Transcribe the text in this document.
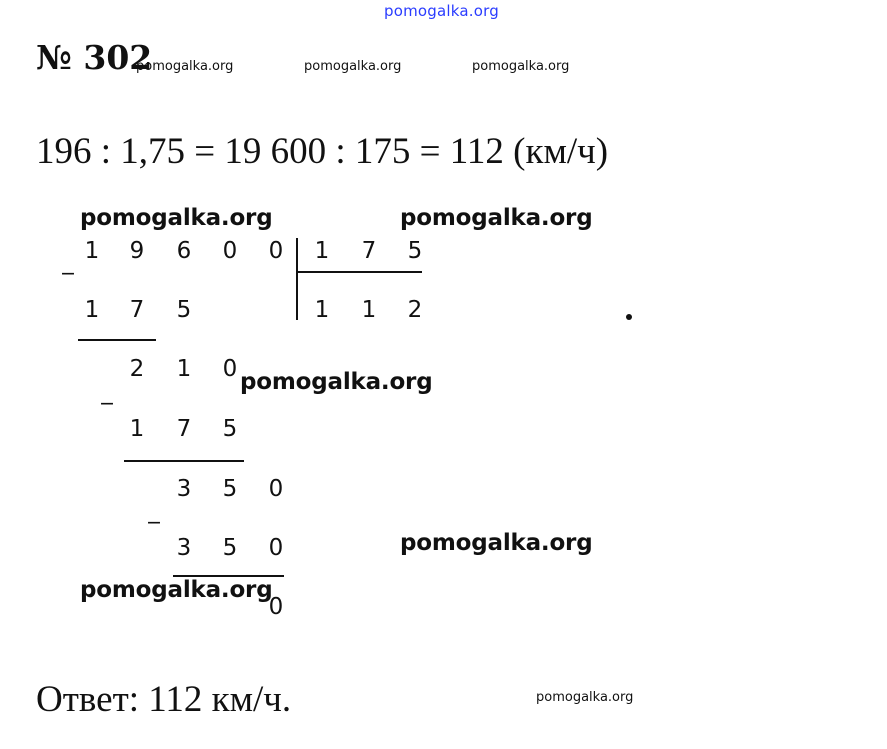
pomogalka.org
№ 302
pomogalka.org	pomogalka.org	pomogalka.org
196 : 1,75 = 19 600 : 175 = 112 (км/ч)
pomogalka.org	pomogalka.org
1 9 6 0 0
_	1 7 5
1 1 2
1 7 5
2 1 0
_
1 7 5
3 5 0
_
3 5 0
0
pomogalka.org
pomogalka.org
pomogalka.org
Ответ: 112 км/ч.	pomogalka.org
